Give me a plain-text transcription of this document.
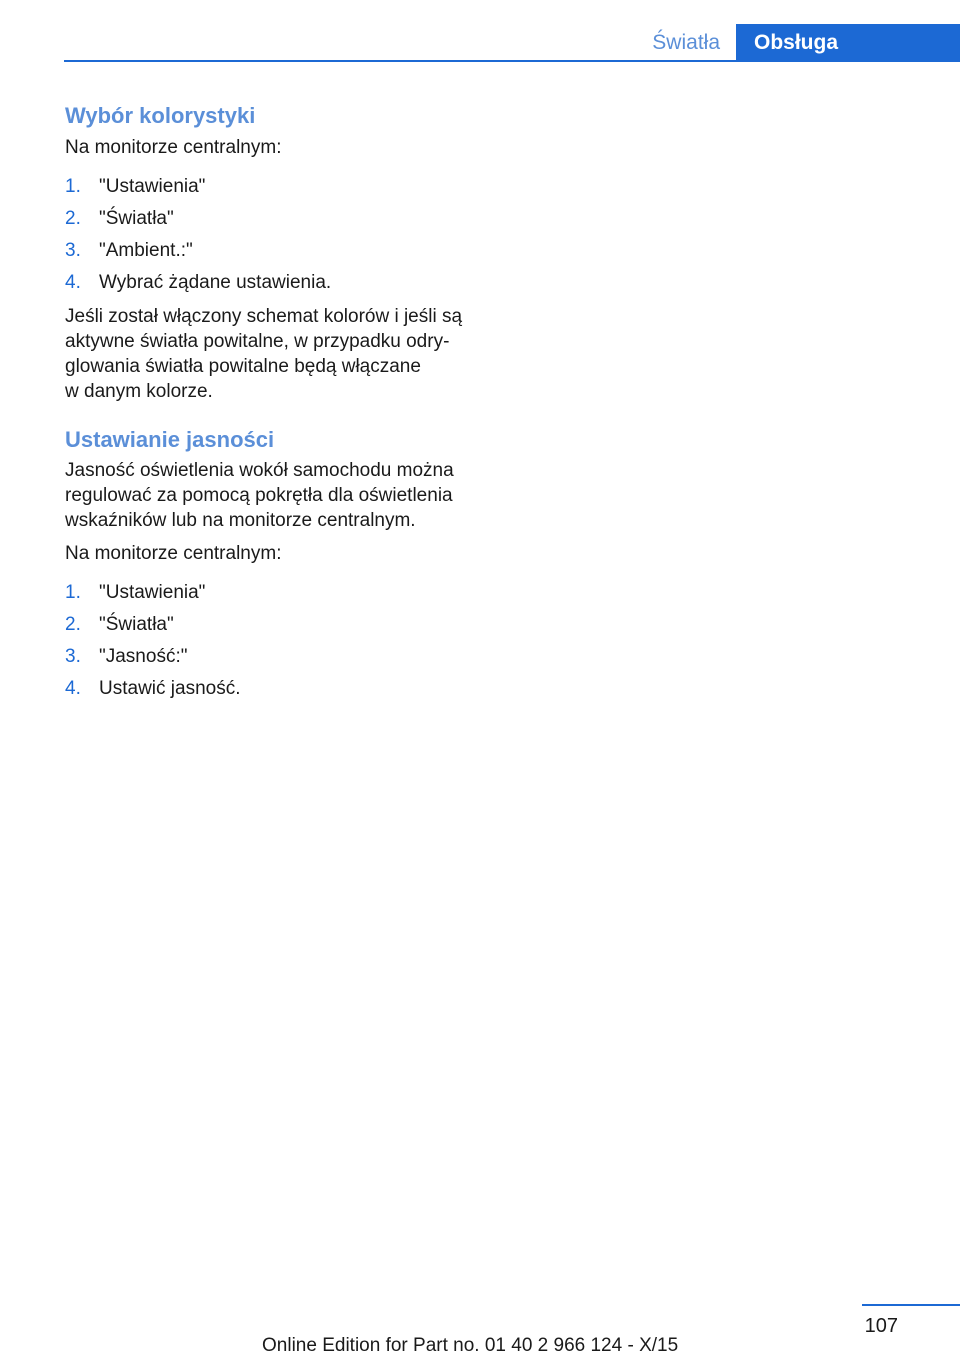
Światła	Obsługa
Wybór kolorystyki

Na monitorze centralnym:

1. "Ustawienia"
2. "Światła"
3. "Ambient.:"
4. Wybrać żądane ustawienia.
Jeśli został włączony schemat kolorów i jeśli są
aktywne światła powitalne, w przypadku odry‐
glowania światła powitalne będą włączane
w danym kolorze.
Ustawianie jasności
Jasność oświetlenia wokół samochodu można
regulować za pomocą pokrętła dla oświetlenia
wskaźników lub na monitorze centralnym.

Na monitorze centralnym:

1. "Ustawienia"
2. "Światła"
3. "Jasność:"
4. Ustawić jasność.
107
Online Edition for Part no. 01 40 2 966 124 - X/15
